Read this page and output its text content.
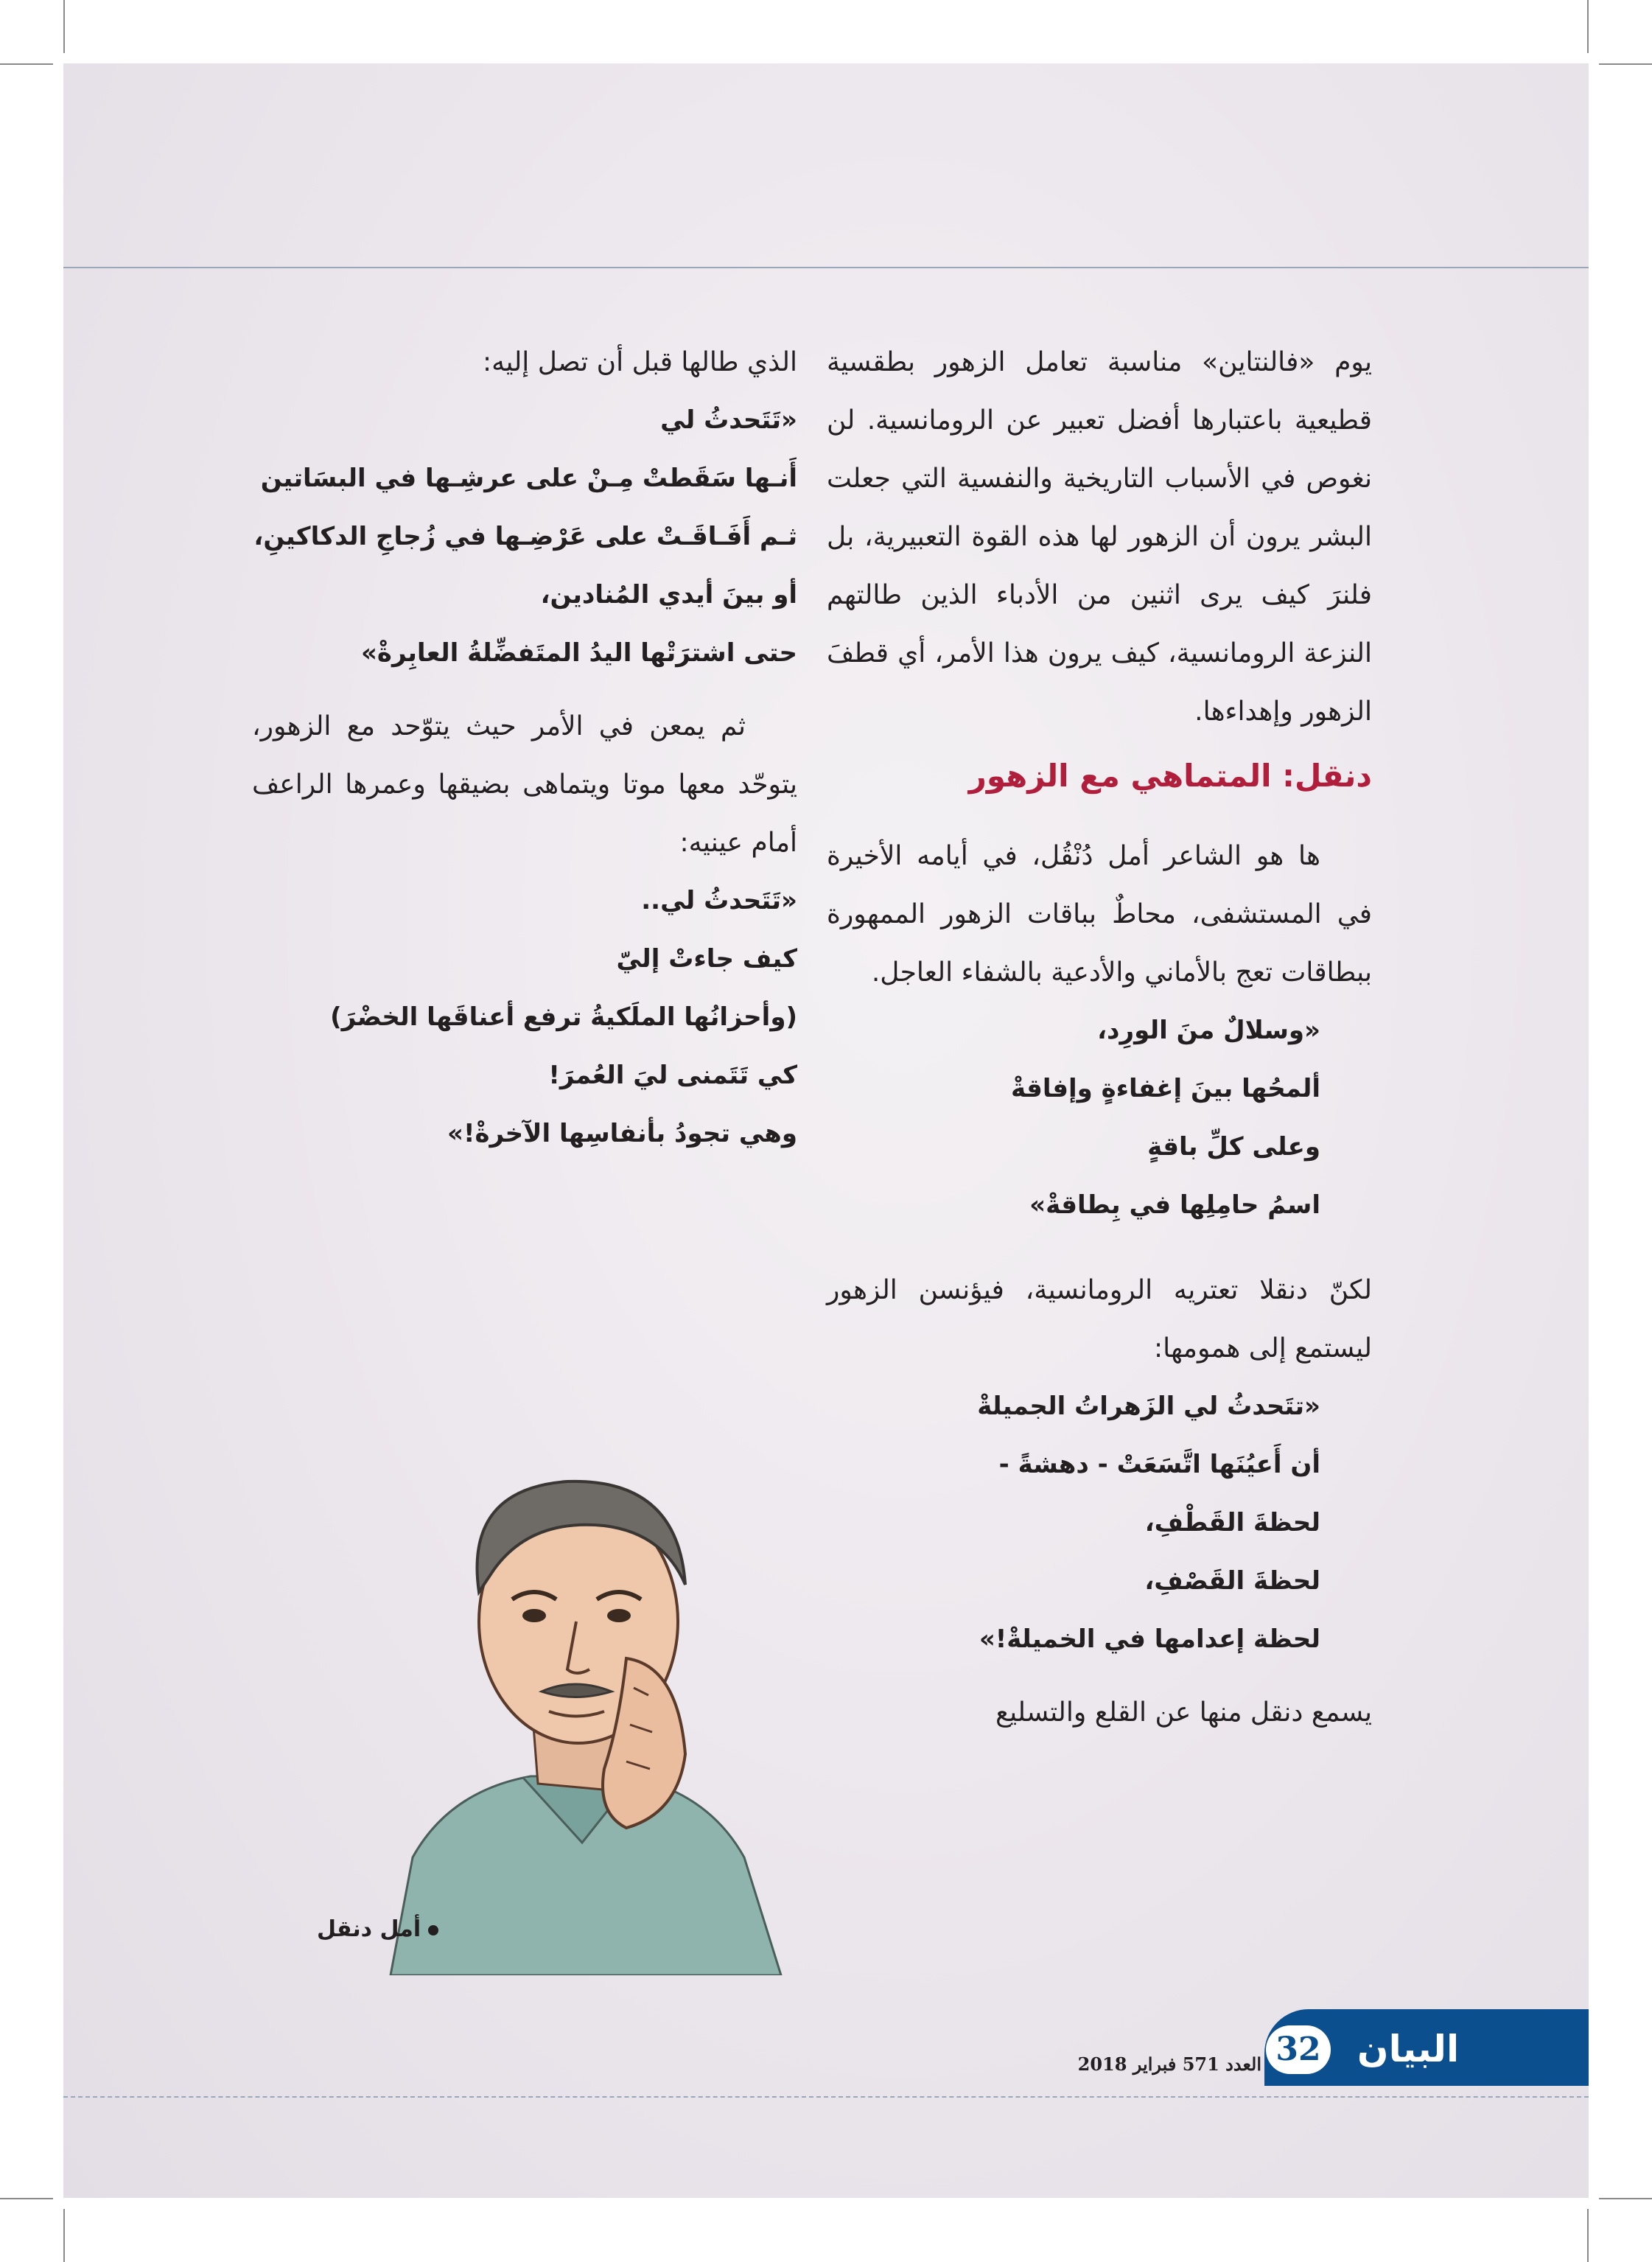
يوم «فالنتاين» مناسبة تعامل الزهور بطقسية قطيعية باعتبارها أفضل تعبير عن الرومانسية. لن نغوص في الأسباب التاريخية والنفسية التي جعلت البشر يرون أن الزهور لها هذه القوة التعبيرية، بل فلنرَ كيف يرى اثنين من الأدباء الذين طالتهم النزعة الرومانسية، كيف يرون هذا الأمر، أي قطفَ الزهور وإهداءها.

دنقل: المتماهي مع الزهور

ها هو الشاعر أمل دُنْقُل، في أيامه الأخيرة في المستشفى، محاطٌ بباقات الزهور الممهورة ببطاقات تعج بالأماني والأدعية بالشفاء العاجل.

«وسلالٌ منَ الورِد،
ألمحُها بينَ إغفاءةٍ وإفاقةْ
وعلى كلِّ باقةٍ
اسمُ حامِلِها في بِطاقةْ»

لكنّ دنقلا تعتريه الرومانسية، فيؤنسن الزهور ليستمع إلى همومها:

«تتَحدثُ لي الزَهراتُ الجميلةْ
أن أَعيُنَها اتَّسَعَتْ - دهشةً -
لحظةَ القَطْفِ،
لحظةَ القَصْفِ،
لحظة إعدامها في الخميلةْ!»

يسمع دنقل منها عن القلع والتسليع

الذي طالها قبل أن تصل إليه:

«تَتَحدثُ لي
أَنـها سَقَطتْ مِـنْ على عرشِـها في البسَاتين
ثـم أَفَـاقَـتْ على عَرْضِـها في زُجاجِ الدكاكينِ، أو بينَ أيدي المُنادين،
حتى اشترَتْها اليدُ المتَفضِّلةُ العابِرةْ»

ثم يمعن في الأمر حيث يتوّحد مع الزهور، يتوحّد معها موتا ويتماهى بضيقها وعمرها الراعف أمام عينيه:

«تَتَحدثُ لي..
كيف جاءتْ إليّ
(وأحزانُها الملَكيةُ ترفع أعناقَها الخضْرَ)
كي تَتَمنى ليَ العُمرَ!
وهي تجودُ بأنفاسِها الآخرةْ!»
أمل دنقل
32 البيان
العدد 571 فبراير 2018
